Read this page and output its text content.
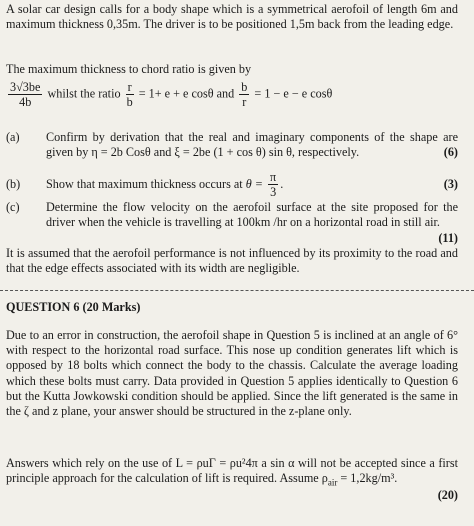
A solar car design calls for a body shape which is a symmetrical aerofoil of length 6m and maximum thickness 0,35m. The driver is to be positioned 1,5m back from the leading edge.
The maximum thickness to chord ratio is given by
$\frac{3√3be}{4b}$ whilst the ratio $\frac{r}{b} = 1+ e + e$ cosθ and $\frac{b}{r} = 1 - e - e$ cosθ
(a) Confirm by derivation that the real and imaginary components of the shape are given by η = 2b Cosθ and ξ = 2be (1 + cos θ) sin θ, respectively.	(6)
(b) Show that maximum thickness occurs at $\theta = \frac{\pi}{3}$ .	(3)
(c) Determine the flow velocity on the aerofoil surface at the site proposed for the driver when the vehicle is travelling at 100km /hr on a horizontal road in still air.
(11)
It is assumed that the aerofoil performance is not influenced by its proximity to the road and that the edge effects associated with its width are negligible.
QUESTION 6 (20 Marks)
Due to an error in construction, the aerofoil shape in Question 5 is inclined at an angle of 6° with respect to the horizontal road surface. This nose up condition generates lift which is opposed by 18 bolts which connect the body to the chassis. Calculate the average loading which these bolts must carry. Data provided in Question 5 applies identically to Question 6 but the Kutta Jowkowski condition should be applied. Since the lift generated is the same in the ζ and z plane, your answer should be structured in the z-plane only.
Answers which rely on the use of L = ρuΓ = ρu²4π a sin α will not be accepted since a first principle approach for the calculation of lift is required. Assume $\rho_{air} = 1,2kg/m^3$.
(20)
